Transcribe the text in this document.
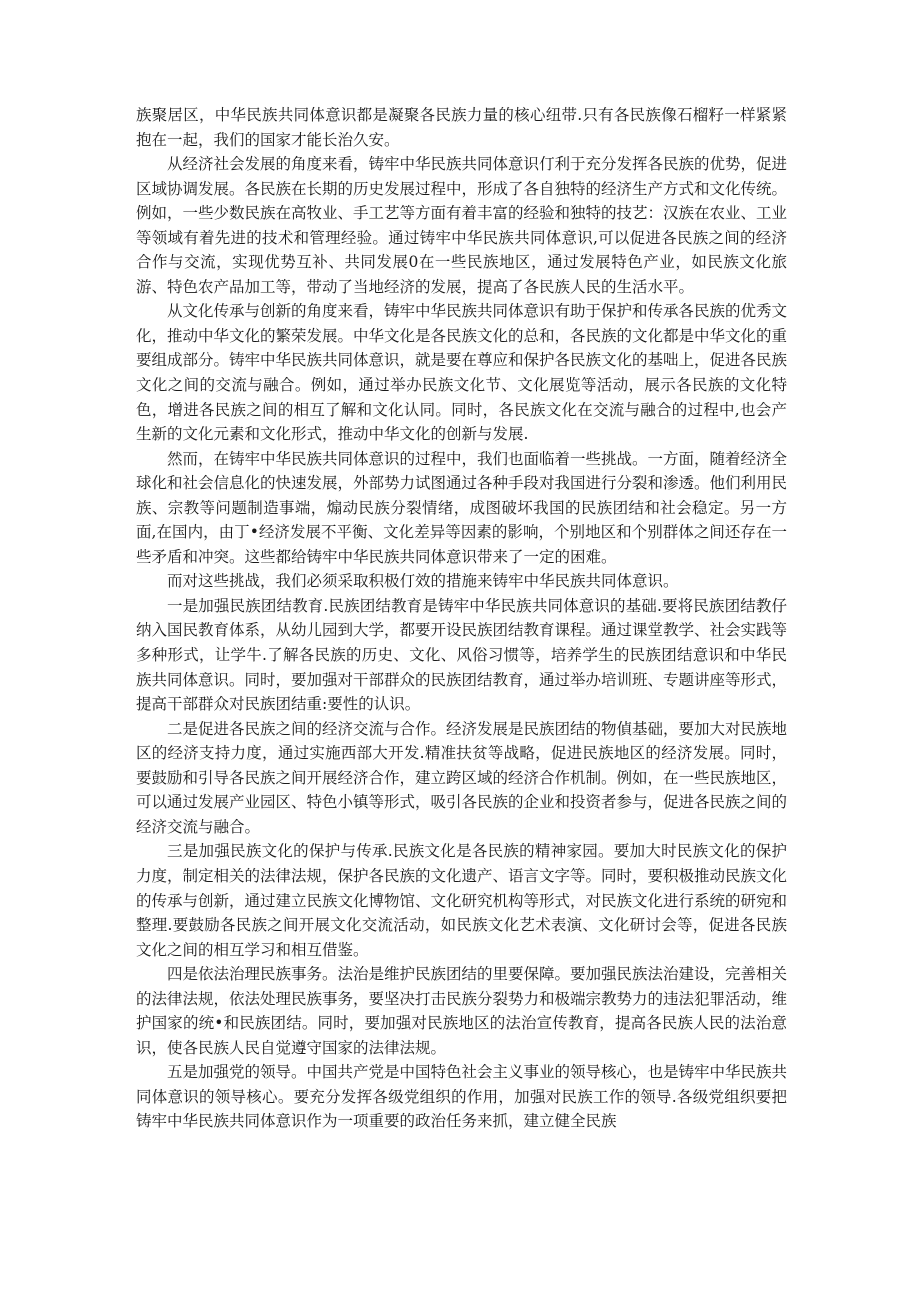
族聚居区，中华民族共同体意识都是凝聚各民族力量的核心纽带.只有各民族像石榴籽一样紧紧抱在一起，我们的国家才能长治久安。

从经济社会发展的角度来看，铸牢中华民族共同体意识仃利于充分发挥各民族的优势，促进区域协调发展。各民族在长期的历史发展过程中，形成了各自独特的经济生产方式和文化传统。例如，一些少数民族在高牧业、手工艺等方面有着丰富的经验和独特的技艺：汉族在农业、工业等领域有着先进的技术和管理经验。通过铸牢中华民族共同体意识,可以促进各民族之间的经济合作与交流，实现优势互补、共同发展0在一些民族地区，通过发展特色产业，如民族文化旅游、特色农产品加工等，带动了当地经济的发展，提高了各民族人民的生活水平。

从文化传承与创新的角度来看，铸牢中华民族共同体意识有助于保护和传承各民族的优秀文化，推动中华文化的繁荣发展。中华文化是各民族文化的总和，各民族的文化都是中华文化的重要组成部分。铸牢中华民族共同体意识，就是要在尊应和保护各民族文化的基咄上，促进各民族文化之间的交流与融合。例如，通过举办民族文化节、文化展览等活动，展示各民族的文化特色，增进各民族之间的相互了解和文化认同。同时，各民族文化在交流与融合的过程中,也会产生新的文化元素和文化形式，推动中华文化的创新与发展.

然而，在铸牢中华民族共同体意识的过程中，我们也面临着一些挑战。一方面，随着经济全球化和社会信息化的快速发展，外部势力试图通过各种手段对我国进行分裂和渗透。他们利用民族、宗教等问题制造事端，煽动民族分裂情绪，成图破坏我国的民族团结和社会稳定。另一方面,在国内，由丁•经济发展不平衡、文化差异等因素的影响，个别地区和个别群体之间还存在一些矛盾和冲突。这些都给铸牢中华民族共同体意识带来了一定的困难。

而对这些挑战，我们必须采取积极仃效的措施来铸牢中华民族共同体意识。

一是加强民族团结教育.民族团结教育是铸牢中华民族共同体意识的基础.要将民族团结教仔纳入国民教育体系，从幼儿园到大学，都要开设民族团结教育课程。通过课堂教学、社会实践等多种形式，让学牛.了解各民族的历史、文化、风俗习惯等，培养学生的民族团结意识和中华民族共同体意识。同时，要加强对干部群众的民族团结教育，通过举办培训班、专题讲座等形式，提高干部群众对民族团结重:要性的认识。

二是促进各民族之间的经济交流与合作。经济发展是民族团结的物偵基础，要加大对民族地区的经济支持力度，通过实施西部大开发.精准扶贫等战略，促进民族地区的经济发展。同时，要鼓励和引导各民族之间开展经济合作，建立跨区域的经济合作机制。例如，在一些民族地区，可以通过发展产业园区、特色小镇等形式，吸引各民族的企业和投资者参与，促进各民族之间的经济交流与融合。

三是加强民族文化的保护与传承.民族文化是各民族的精神家园。要加大时民族文化的保护力度，制定相关的法律法规，保护各民族的文化遗产、语言文字等。同时，要积极推动民族文化的传承与创新，通过建立民族文化博物馆、文化研究机构等形式，对民族文化进行系统的研宛和整理.要鼓励各民族之间开展文化交流活动，如民族文化艺术表演、文化研讨会等，促进各民族文化之间的相互学习和相互借鉴。

四是依法治理民族事务。法治是维护民族团结的里要保障。要加强民族法治建设，完善相关的法律法规，依法处理民族事务，要坚决打击民族分裂势力和极端宗教势力的违法犯罪活动，维护国家的统•和民族团结。同时，要加强对民族地区的法治宣传教育，提高各民族人民的法治意识，使各民族人民自觉遵守国家的法律法规。

五是加强党的领导。中国共产党是中国特色社会主义事业的领导核心，也是铸牢中华民族共同体意识的领导核心。要充分发挥各级党组织的作用，加强对民族工作的领导.各级党组织要把铸牢中华民族共同体意识作为一项重要的政治任务来抓，建立健全民族
